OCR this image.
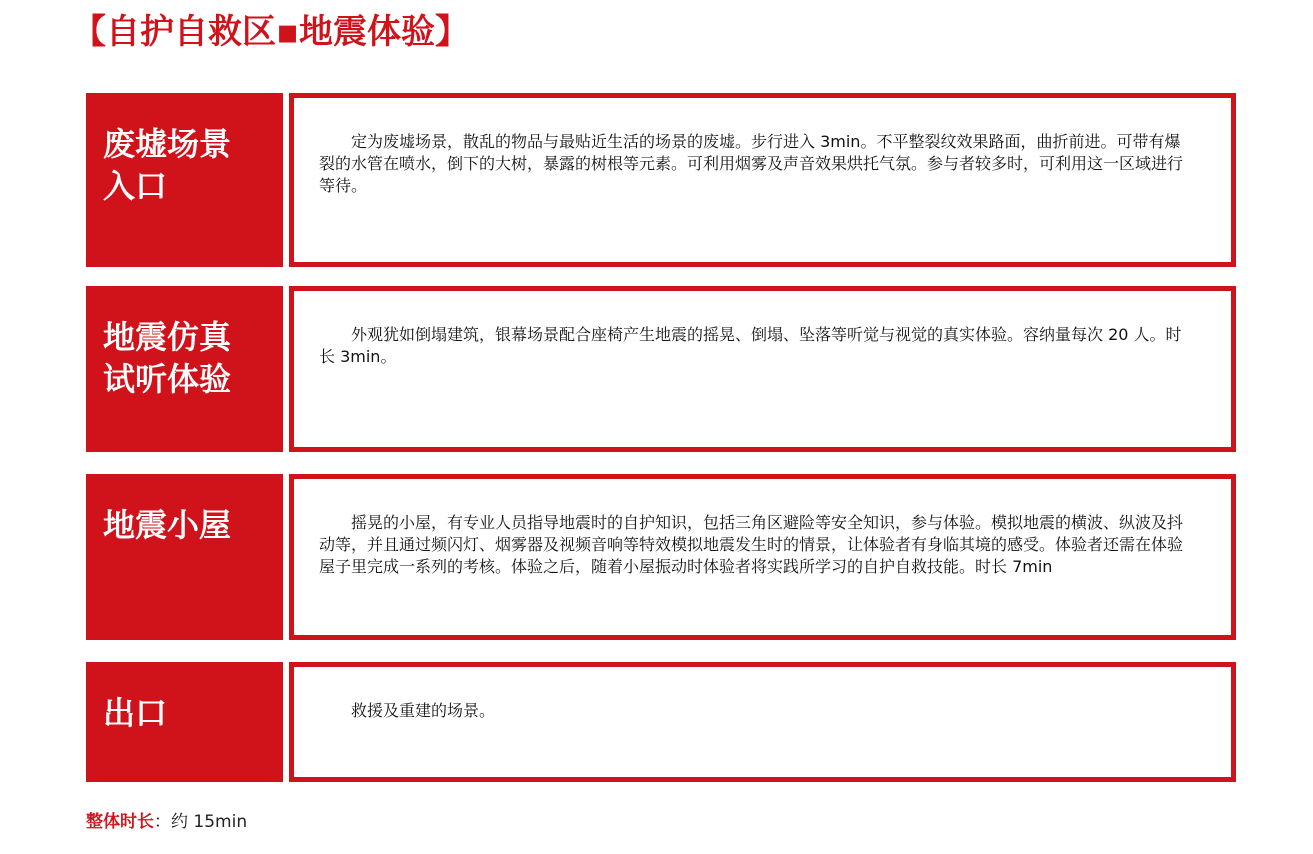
【自护自救区▪地震体验】
废墟场景
入口

定为废墟场景，散乱的物品与最贴近生活的场景的废墟。步行进入 3min。不平整裂纹效果路面，曲折前进。可带有爆裂的水管在喷水，倒下的大树，暴露的树根等元素。可利用烟雾及声音效果烘托气氛。参与者较多时，可利用这一区域进行等待。

地震仿真
试听体验

外观犹如倒塌建筑，银幕场景配合座椅产生地震的摇晃、倒塌、坠落等听觉与视觉的真实体验。容纳量每次 20 人。时长 3min。

地震小屋	摇晃的小屋，有专业人员指导地震时的自护知识，包括三角区避险等安全知识，参与体验。模拟地震的横波、纵波及抖动等，并且通过频闪灯、烟雾器及视频音响等特效模拟地震发生时的情景，让体验者有身临其境的感受。体验者还需在体验屋子里完成一系列的考核。体验之后，随着小屋振动时体验者将实践所学习的自护自救技能。时长 7min

出口	救援及重建的场景。

整体时长：约 15min
